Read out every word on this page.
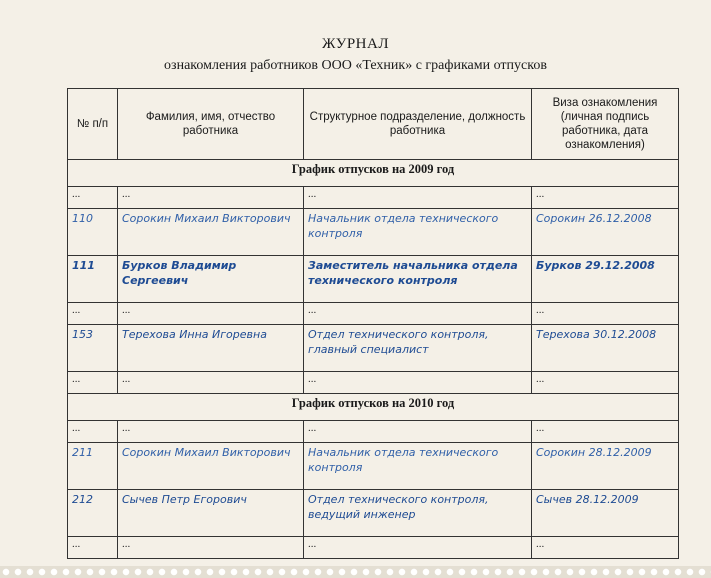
ЖУРНАЛ
ознакомления работников ООО «Техник» с графиками отпусков
№ п/п	Фамилия, имя, отчество работника	Структурное подразделение, должность работника	Виза ознакомления (личная подпись работника, дата ознакомления)
График отпусков на 2009 год			
...	...	...	...
110	Сорокин Михаил Викторович	Начальник отдела технического контроля	Сорокин 26.12.2008
111	Бурков Владимир Сергеевич	Заместитель начальника отдела технического контроля	Бурков 29.12.2008
...	...	...	...
153	Терехова Инна Игоревна	Отдел технического контроля, главный специалист	Терехова 30.12.2008
...	...	...	...
График отпусков на 2010 год			
...	...	...	...
211	Сорокин Михаил Викторович	Начальник отдела технического контроля	Сорокин 28.12.2009
212	Сычев Петр Егорович	Отдел технического контроля, ведущий инженер	Сычев 28.12.2009
...	...	...	...
